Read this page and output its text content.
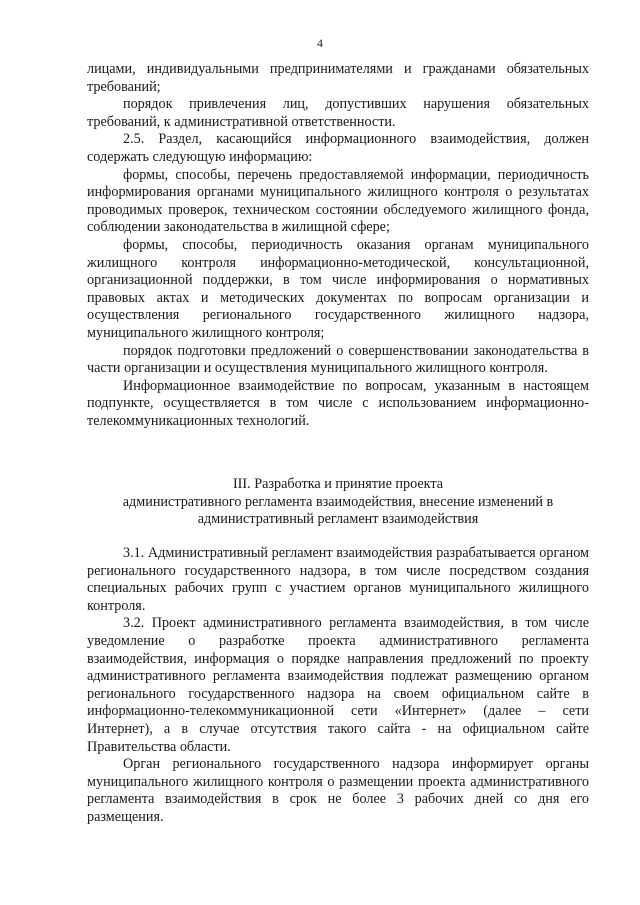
4

лицами, индивидуальными предпринимателями и гражданами обязательных требований;

порядок привлечения лиц, допустивших нарушения обязательных требований, к административной ответственности.

2.5. Раздел, касающийся информационного взаимодействия, должен содержать следующую информацию:

формы, способы, перечень предоставляемой информации, периодичность информирования органами муниципального жилищного контроля о результатах проводимых проверок, техническом состоянии обследуемого жилищного фонда, соблюдении законодательства в жилищной сфере;

формы, способы, периодичность оказания органам муниципального жилищного контроля информационно-методической, консультационной, организационной поддержки, в том числе информирования о нормативных правовых актах и методических документах по вопросам организации и осуществления регионального государственного жилищного надзора, муниципального жилищного контроля;

порядок подготовки предложений о совершенствовании законодательства в части организации и осуществления муниципального жилищного контроля.

Информационное взаимодействие по вопросам, указанным в настоящем подпункте, осуществляется в том числе с использованием информационно-телекоммуникационных технологий.

III. Разработка и принятие проекта
административного регламента взаимодействия, внесение изменений в
административный регламент взаимодействия

3.1. Административный регламент взаимодействия разрабатывается органом регионального государственного надзора, в том числе посредством создания специальных рабочих групп с участием органов муниципального жилищного контроля.

3.2. Проект административного регламента взаимодействия, в том числе уведомление о разработке проекта административного регламента взаимодействия, информация о порядке направления предложений по проекту административного регламента взаимодействия подлежат размещению органом регионального государственного надзора на своем официальном сайте в информационно-телекоммуникационной сети «Интернет» (далее – сети Интернет), а в случае отсутствия такого сайта - на официальном сайте Правительства области.

Орган регионального государственного надзора информирует органы муниципального жилищного контроля о размещении проекта административного регламента взаимодействия в срок не более 3 рабочих дней со дня его размещения.
